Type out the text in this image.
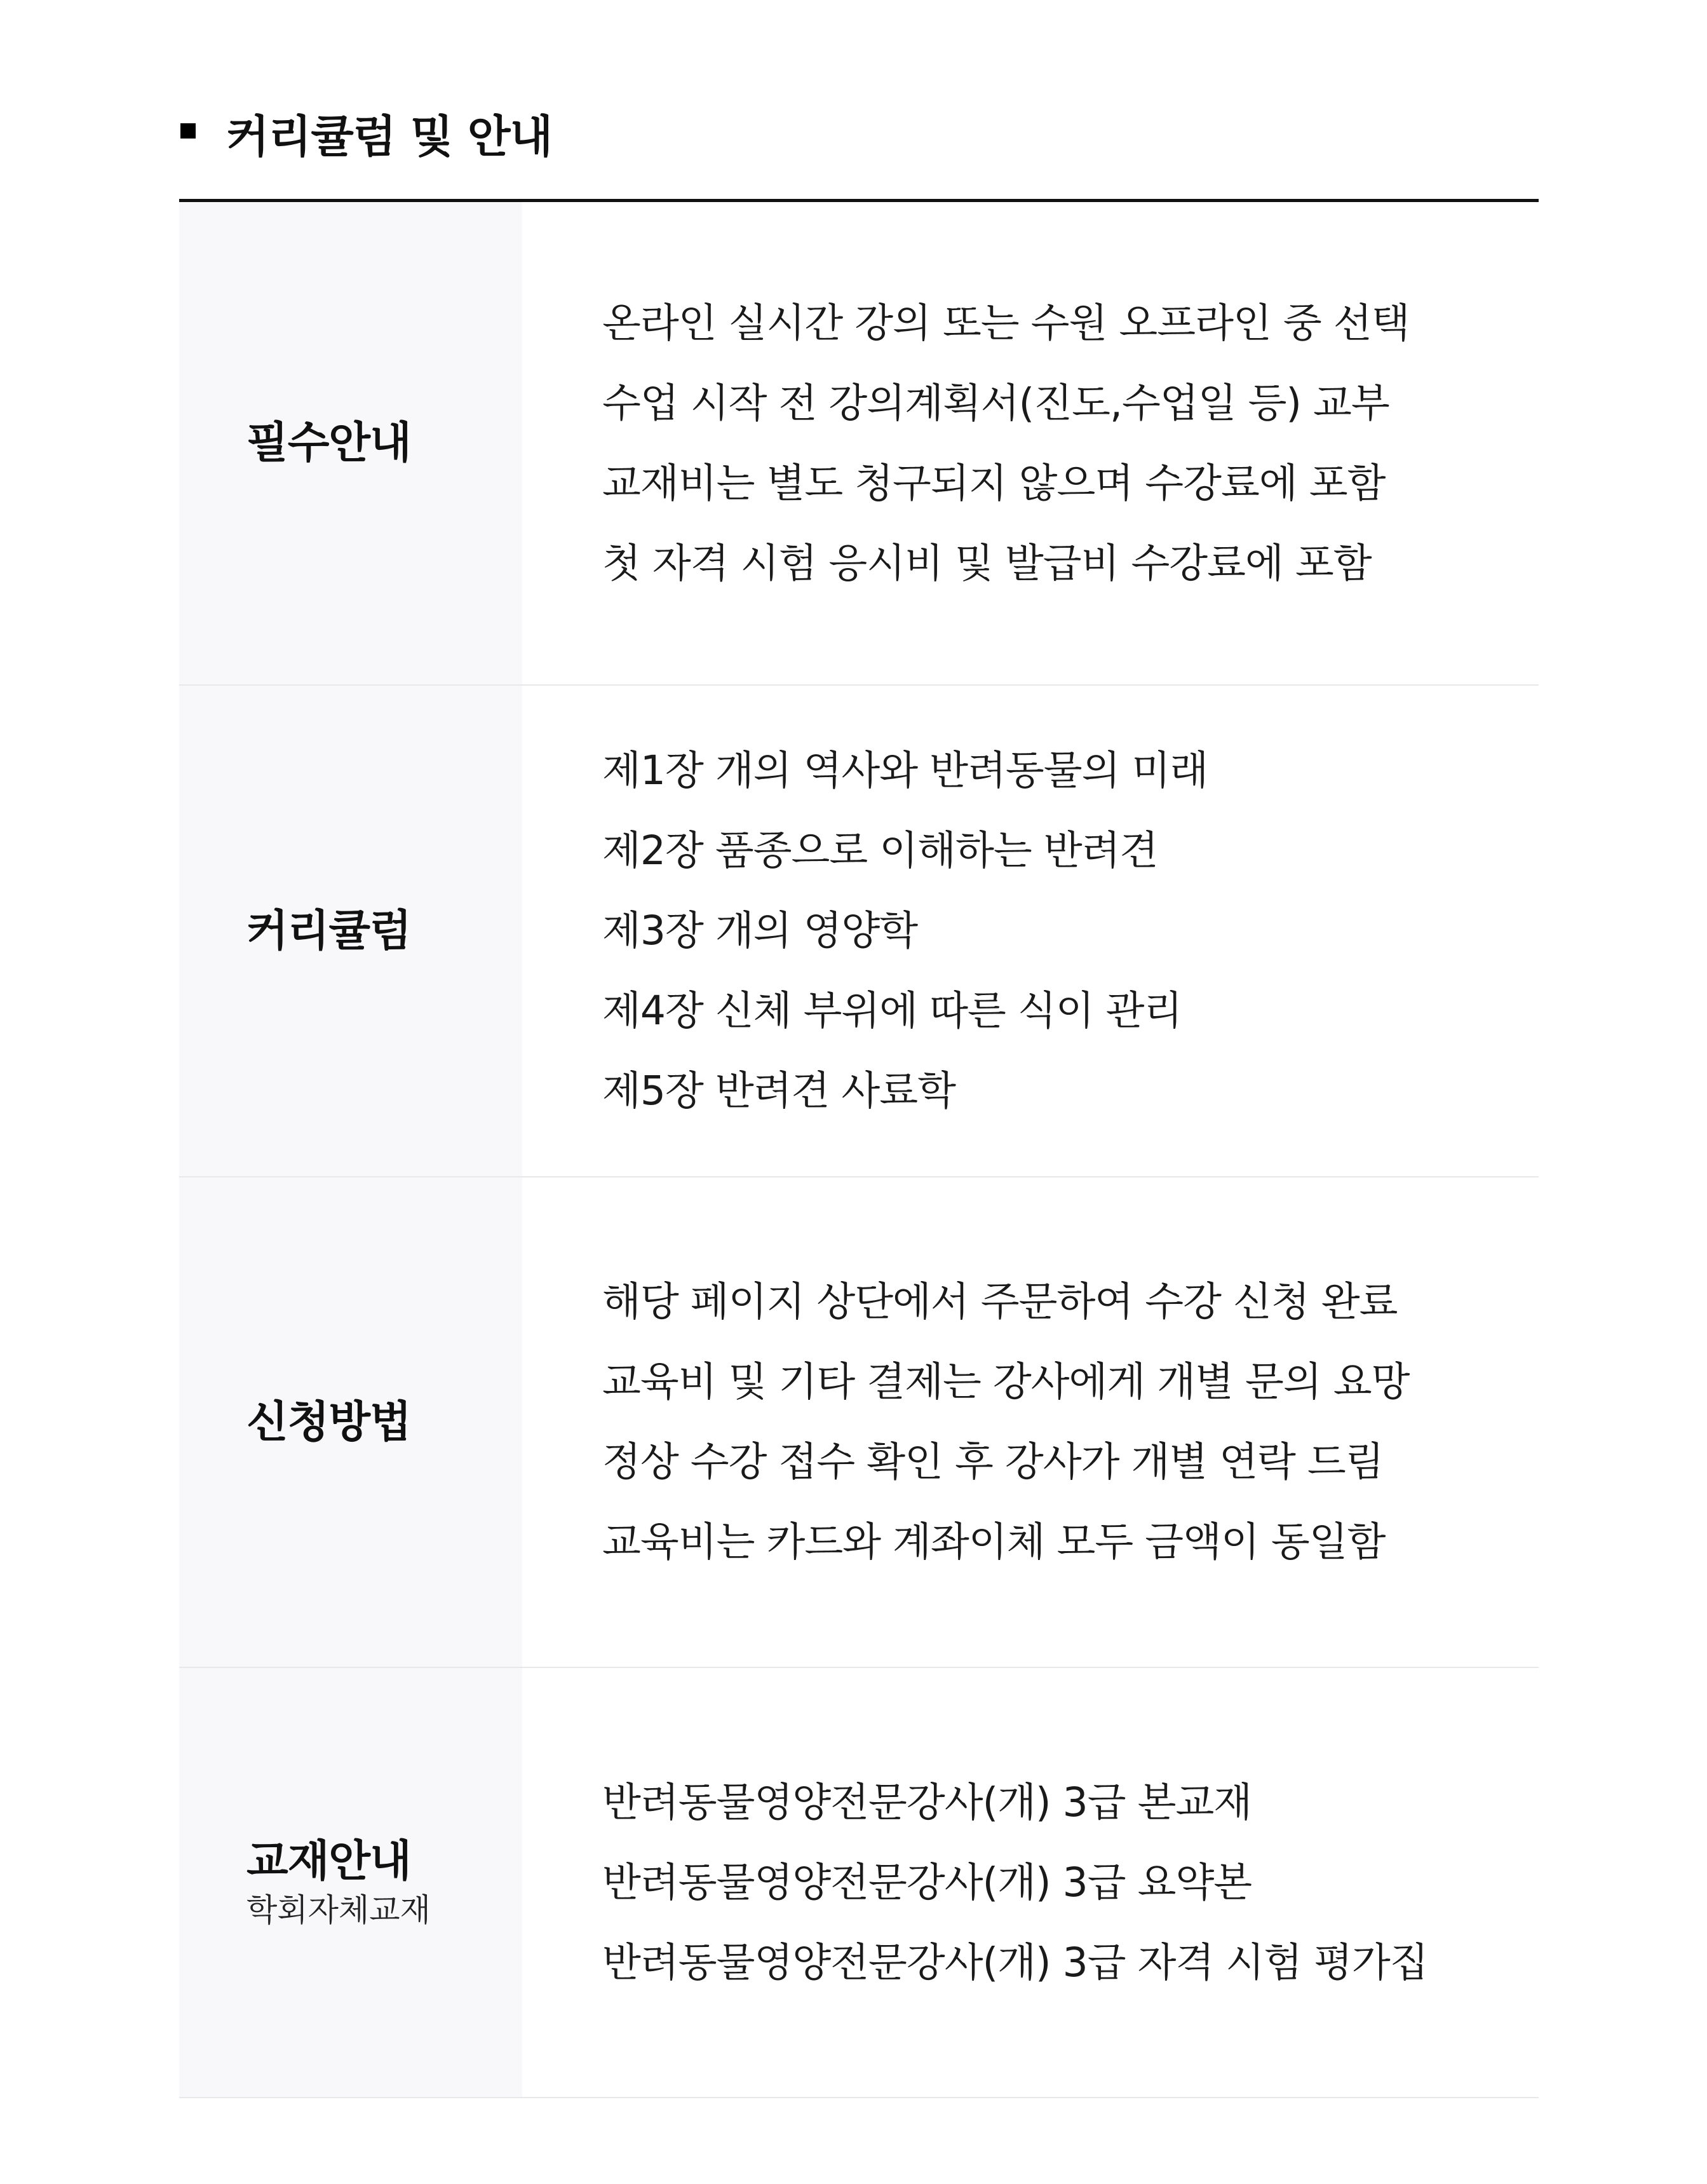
커리큘럼 및 안내
필수안내
온라인 실시간 강의 또는 수원 오프라인 중 선택
수업 시작 전 강의계획서(진도,수업일 등) 교부
교재비는 별도 청구되지 않으며 수강료에 포함
첫 자격 시험 응시비 및 발급비 수강료에 포함
커리큘럼
제1장 개의 역사와 반려동물의 미래
제2장 품종으로 이해하는 반려견
제3장 개의 영양학
제4장 신체 부위에 따른 식이 관리
제5장 반려견 사료학
신청방법
해당 페이지 상단에서 주문하여 수강 신청 완료
교육비 및 기타 결제는 강사에게 개별 문의 요망
정상 수강 접수 확인 후 강사가 개별 연락 드림
교육비는 카드와 계좌이체 모두 금액이 동일함
교재안내
학회자체교재
반려동물영양전문강사(개) 3급 본교재
반려동물영양전문강사(개) 3급 요약본
반려동물영양전문강사(개) 3급 자격 시험 평가집
